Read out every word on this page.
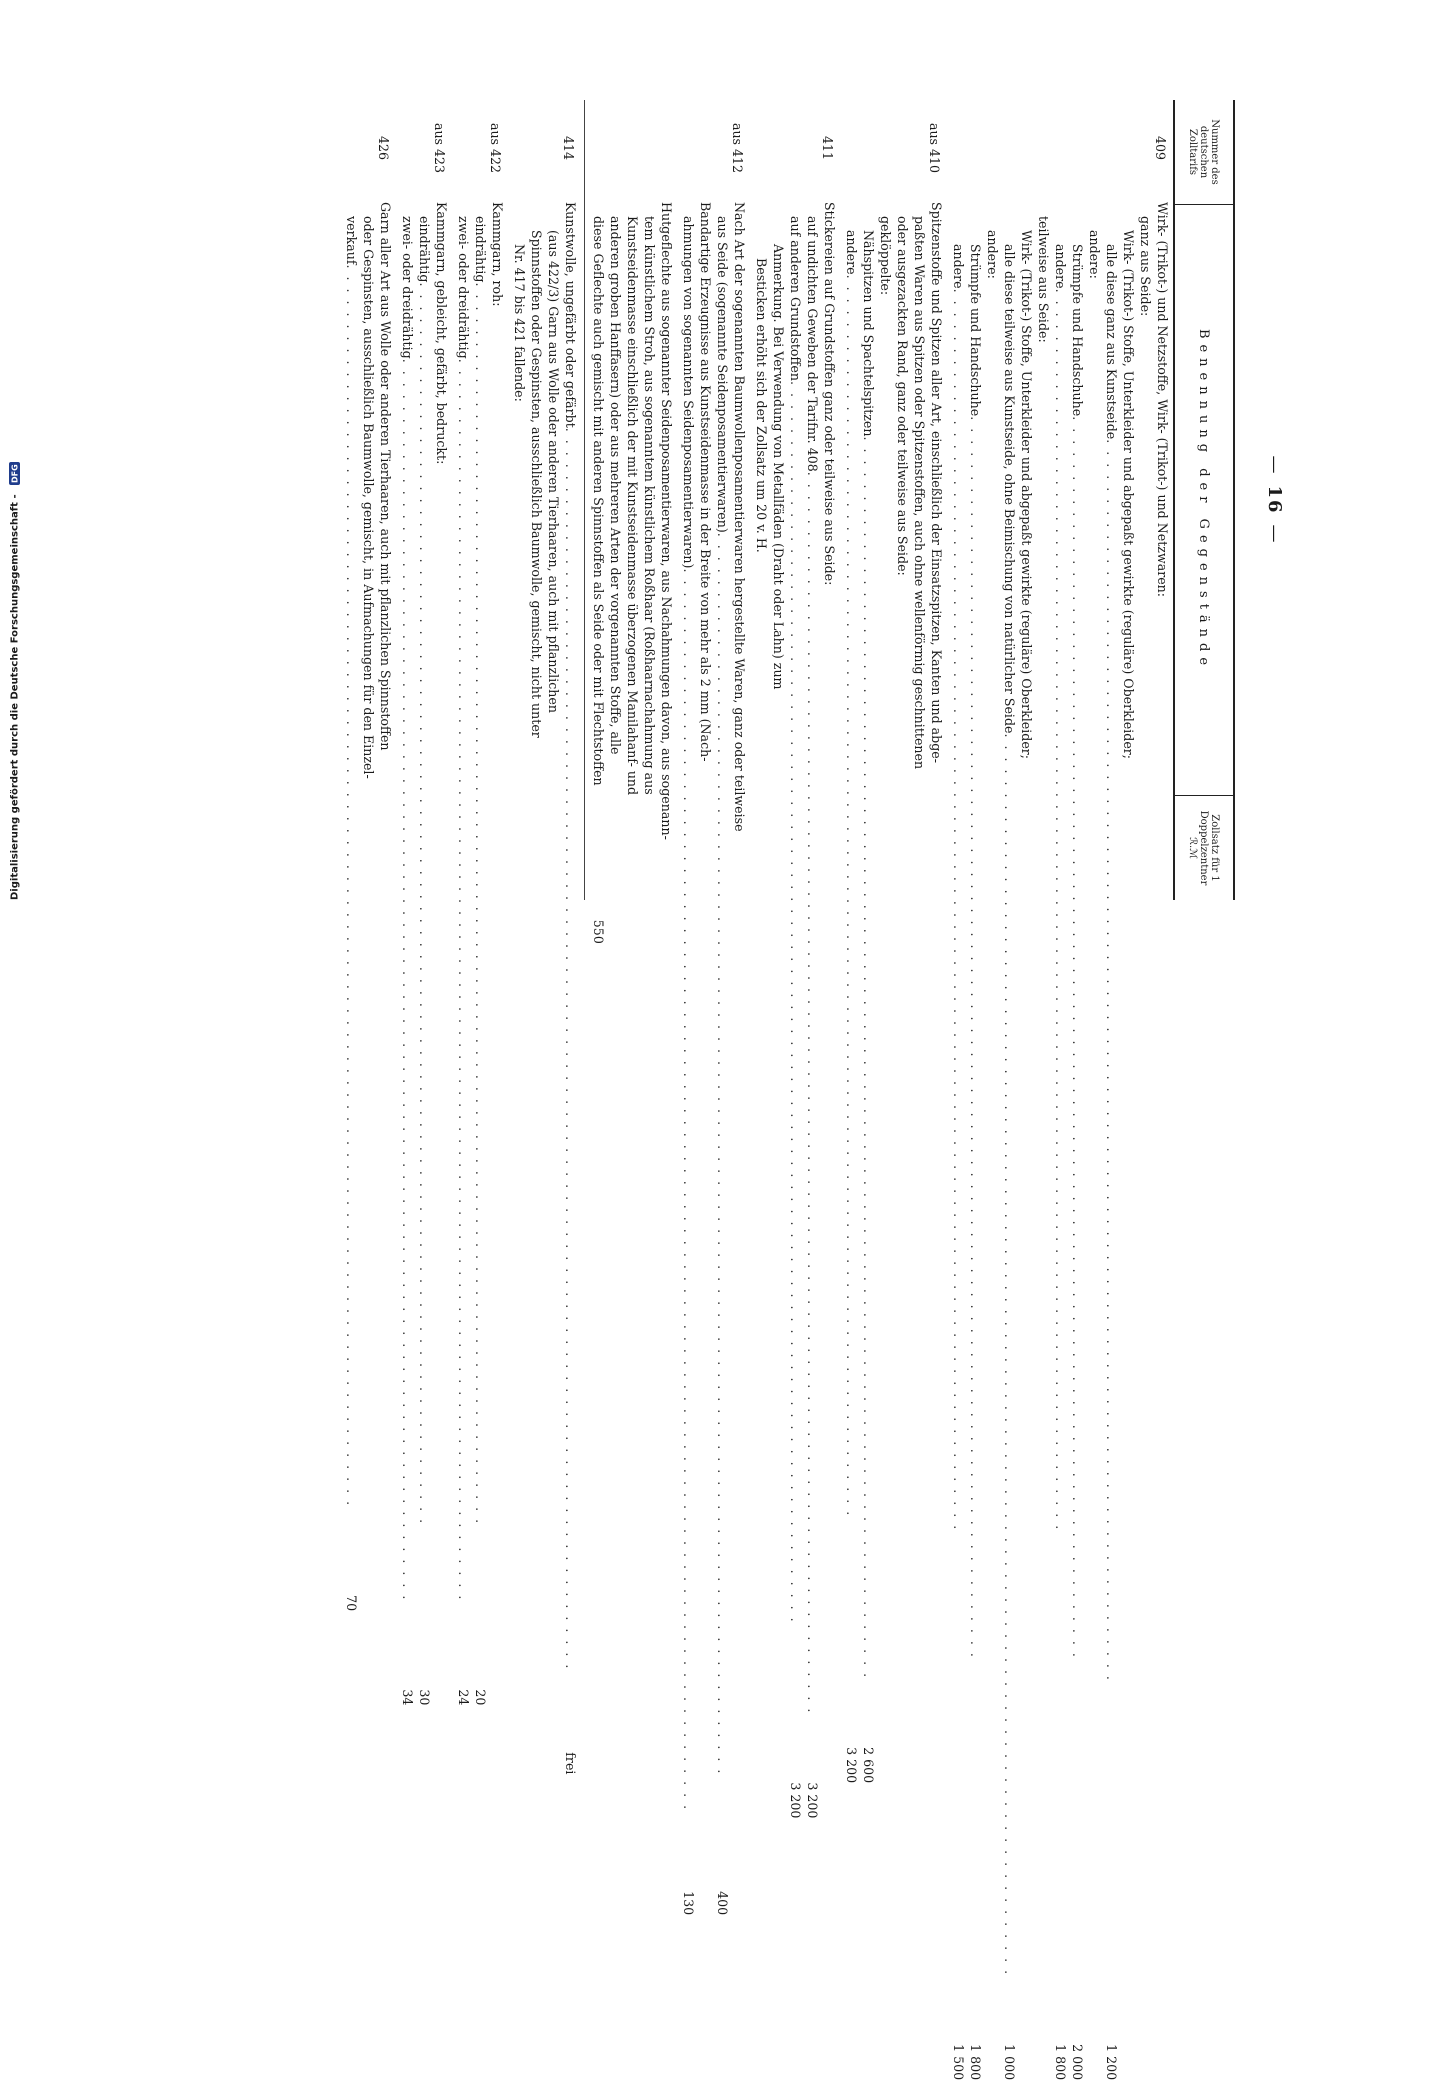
—16—
Nummer des deutschen Zolltarifs
Benennung der Gegenstände
Zollsatz für 1 Doppelzentner ℛ.ℳ
409
Wirk- (Trikot-) und Netzstoffe, Wirk- (Trikot-) und Netzwaren:
ganz aus Seide:
Wirk- (Trikot-) Stoffe, Unterkleider und abgepaßt gewirkte (reguläre) Oberkleider;
alle diese ganz aus Kunstseide
. . .
andere:
Strümpfe und Handschuhe
. . .
andere
. . .
teilweise aus Seide:
Wirk- (Trikot-) Stoffe, Unterkleider und abgepaßt gewirkte (reguläre) Oberkleider;
alle diese teilweise aus Kunstseide, ohne Beimischung von natürlicher Seide
. . .
andere:
Strümpfe und Handschuhe
. . .
andere
. . .
1 200
2 000
1 800
1 000
1 800
1 500
aus 410
Spitzenstoffe und Spitzen aller Art, einschließlich der Einsatzspitzen, Kanten und abge-
paßten Waren aus Spitzen oder Spitzenstoffen, auch ohne wellenförmig geschnittenen
oder ausgezackten Rand, ganz oder teilweise aus Seide:
geklöppelte:
Nähspitzen und Spachtelspitzen
. . .
andere
. . .
2 600
3 200
411
Stickereien auf Grundstoffen ganz oder teilweise aus Seide:
auf undichten Geweben der Tarifnr. 408
. . .
auf anderen Grundstoffen
. . .
Anmerkung. Bei Verwendung von Metallfäden (Draht oder Lahn) zum
Besticken erhöht sich der Zollsatz um 20 v. H.
3 200
3 200
aus 412
Nach Art der sogenannten Baumwollenposamentierwaren hergestellte Waren, ganz oder teilweise
aus Seide (sogenannte Seidenposamentierwaren)
. . .
Bandartige Erzeugnisse aus Kunstseidenmasse in der Breite von mehr als 2 mm (Nach-
ahmungen von sogenannten Seidenposamentierwaren)
. . .
400
130
Hutgeflechte aus sogenannter Seidenposamentierwaren, aus Nachahmungen davon, aus sogenann-
tem künstlichem Stroh, aus sogenanntem künstlichem Roßhaar (Roßhaarnachahmung aus
Kunstseidenmasse einschließlich der mit Kunstseidenmasse überzogenen Manilahanf- und
anderen groben Hanffasern) oder aus mehreren Arten der vorgenannten Stoffe, alle
diese Geflechte auch gemischt mit anderen Spinnstoffen als Seide oder mit Flechtstoffen
550
414
Kunstwolle, ungefärbt oder gefärbt
. . .
(aus 422/3) Garn aus Wolle oder anderen Tierhaaren, auch mit pflanzlichen
Spinnstoffen oder Gespinsten, ausschließlich Baumwolle, gemischt, nicht unter
Nr. 417 bis 421 fallende:
frei
aus 422
Kammgarn, roh:
eindrähtig
. . .
zwei- oder dreidrähtig
. . .
20
24
aus 423
Kammgarn, gebleicht, gefärbt, bedruckt:
eindrähtig
. . .
zwei- oder dreidrähtig
. . .
30
34
426
Garn aller Art aus Wolle oder anderen Tierhaaren, auch mit pflanzlichen Spinnstoffen
oder Gespinsten, ausschließlich Baumwolle, gemischt, in Aufmachungen für den Einzel-
verkauf
. . .
70
Digitalisierung gefördert durch die Deutsche Forschungsgemeinschaft
-
DFG
